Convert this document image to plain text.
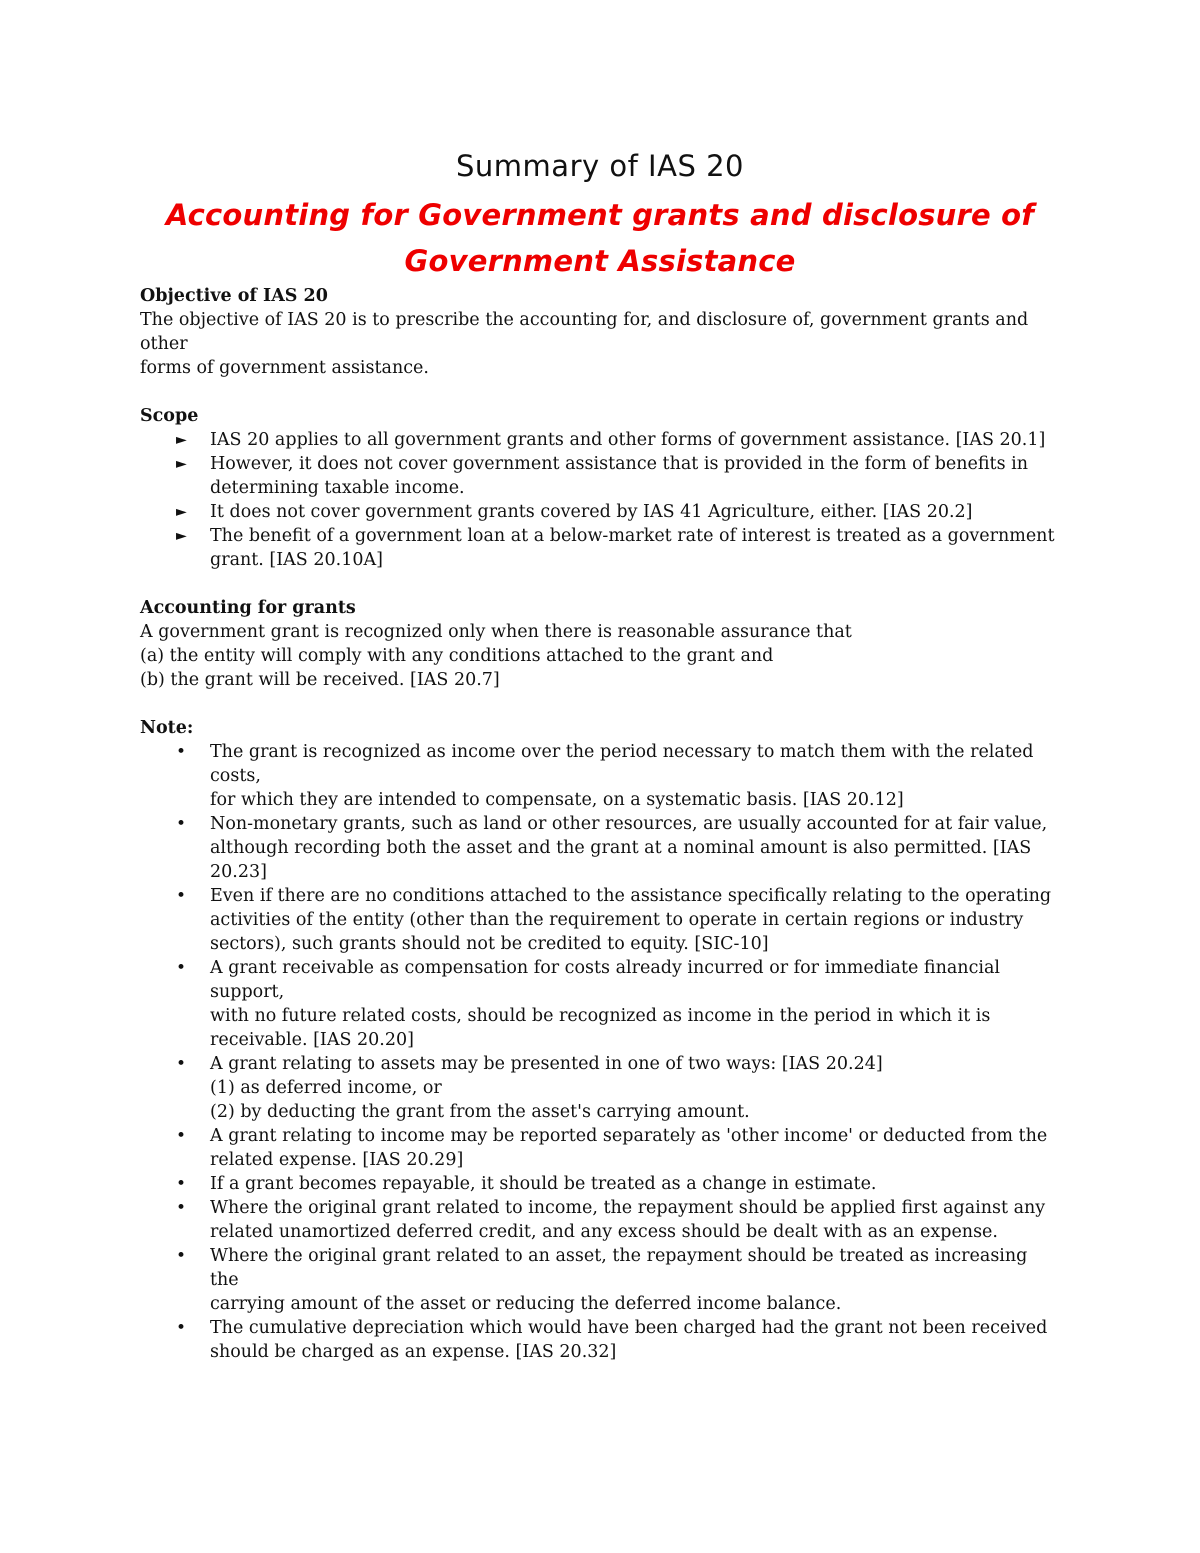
Summary of IAS 20
Accounting for Government grants and disclosure of
Government Assistance
Objective of IAS 20
The objective of IAS 20 is to prescribe the accounting for, and disclosure of, government grants and other
forms of government assistance.
Scope
► IAS 20 applies to all government grants and other forms of government assistance. [IAS 20.1]
► However, it does not cover government assistance that is provided in the form of benefits in
determining taxable income.
► It does not cover government grants covered by IAS 41 Agriculture, either. [IAS 20.2]
► The benefit of a government loan at a below-market rate of interest is treated as a government
grant. [IAS 20.10A]
Accounting for grants
A government grant is recognized only when there is reasonable assurance that
(a) the entity will comply with any conditions attached to the grant and
(b) the grant will be received. [IAS 20.7]
Note:
• The grant is recognized as income over the period necessary to match them with the related costs,
for which they are intended to compensate, on a systematic basis. [IAS 20.12]
• Non-monetary grants, such as land or other resources, are usually accounted for at fair value,
although recording both the asset and the grant at a nominal amount is also permitted. [IAS
20.23]
• Even if there are no conditions attached to the assistance specifically relating to the operating
activities of the entity (other than the requirement to operate in certain regions or industry
sectors), such grants should not be credited to equity. [SIC-10]
• A grant receivable as compensation for costs already incurred or for immediate financial support,
with no future related costs, should be recognized as income in the period in which it is
receivable. [IAS 20.20]
• A grant relating to assets may be presented in one of two ways: [IAS 20.24]
(1) as deferred income, or
(2) by deducting the grant from the asset's carrying amount.
• A grant relating to income may be reported separately as 'other income' or deducted from the
related expense. [IAS 20.29]
• If a grant becomes repayable, it should be treated as a change in estimate.
• Where the original grant related to income, the repayment should be applied first against any
related unamortized deferred credit, and any excess should be dealt with as an expense.
• Where the original grant related to an asset, the repayment should be treated as increasing the
carrying amount of the asset or reducing the deferred income balance.
• The cumulative depreciation which would have been charged had the grant not been received
should be charged as an expense. [IAS 20.32]
